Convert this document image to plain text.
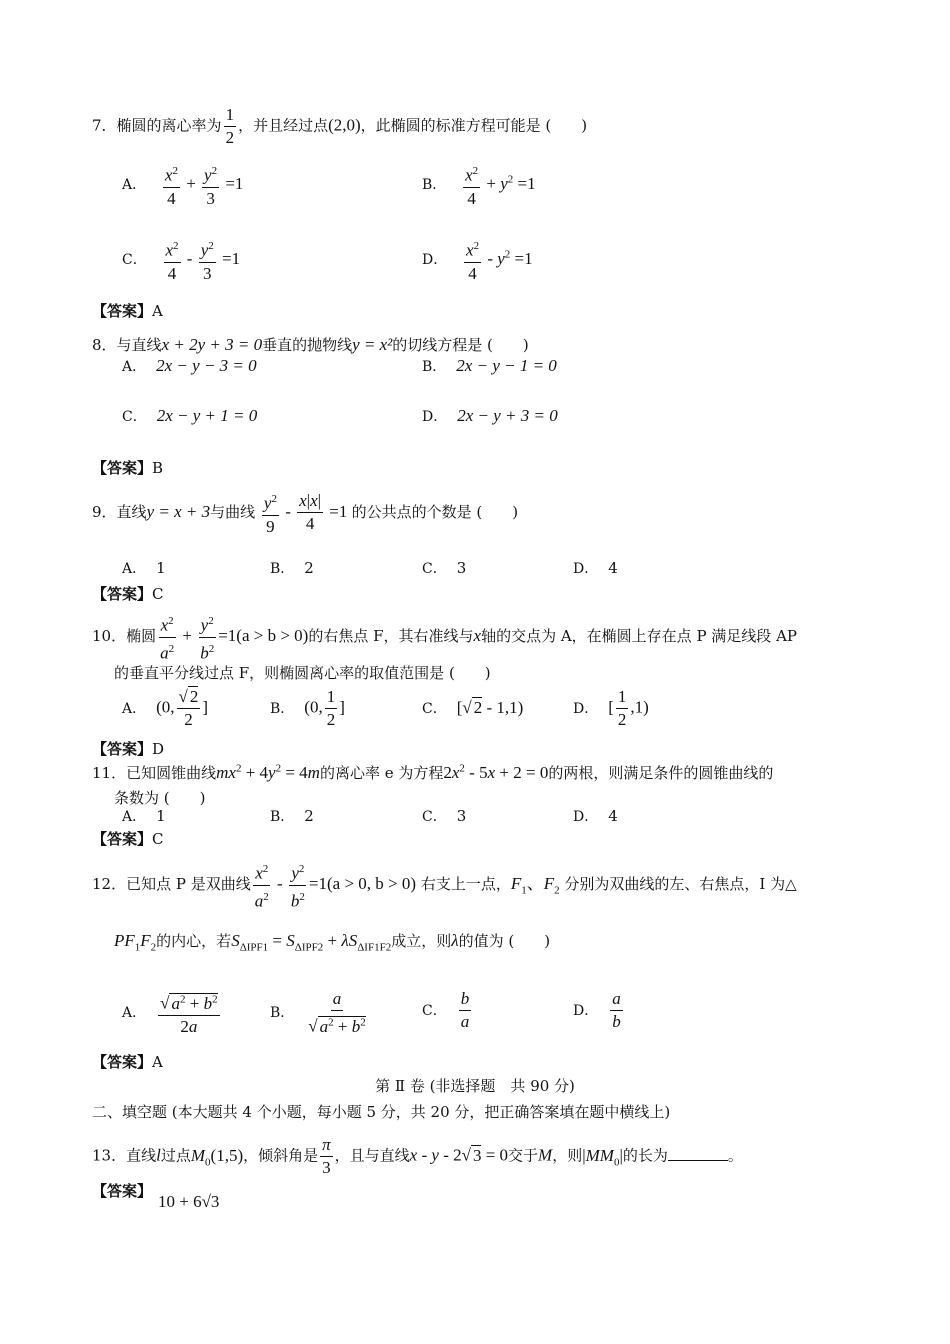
7．椭圆的离心率为 $\frac{1}{2}$ ，并且经过点(2,0)，此椭圆的标准方程可能是 (　　)
A． $\frac{x^2}{4} + \frac{y^2}{3} =1$	B． $\frac{x^2}{4} + y^2 =1$
C． $\frac{x^2}{4} - \frac{y^2}{3} =1$	D． $\frac{x^2}{4} - y^2 =1$
【答案】A
8．与直线x + 2y + 3 = 0垂直的抛物线y = x²的切线方程是 (　　)
A． 2x − y − 3 = 0	B． 2x − y − 1 = 0
C． 2x − y + 1 = 0	D． 2x − y + 3 = 0
【答案】B
9．直线y = x + 3与曲线 $\frac{y^2}{9} - \frac{x|x|}{4} =1$ 的公共点的个数是 (　　)
A． 1	B． 2	C． 3	D． 4
【答案】C
10．椭圆 $\frac{x^2}{a^2} + \frac{y^2}{b^2} =1(a > b > 0)$的右焦点 F，其右准线与x轴的交点为 A，在椭圆上存在点 P 满足线段 AP
的垂直平分线过点 F，则椭圆离心率的取值范围是 (　　)
A． (0, $\frac{√ 2}{2}$ ]	B． (0, $\frac{1}{2}$ ]	C． [√ 2 - 1,1)	D． [ $\frac{1}{2} ,1$)
【答案】D
11．已知圆锥曲线$mx^2 + 4y^2 = 4m$的离心率 e 为方程$2x^2 - 5x + 2 = 0$的两根，则满足条件的圆锥曲线的
条数为 (　　)
A． 1	B． 2	C． 3	D． 4
【答案】C
12．已知点 P 是双曲线 $\frac{x^2}{a^2} - \frac{y^2}{b^2} =1(a > 0$, b > 0) 右支上一点，$F_1$、$F_2$ 分别为双曲线的左、右焦点，I 为△
$PF_1F_2$的内心，若$S_{\Delta IPF1} = S_{\Delta IPF2} + \lambda S_{\Delta IF1F2}$成立，则λ的值为 (　　)
A． $\frac{√ a^2 + b^2}{2a}$	B． $\frac{a}{√ a^2 + b^2}$	C． $\frac{b}{a}$	D． $\frac{a}{b}$
【答案】A
第 Ⅱ 卷 (非选择题　共 90 分)
二、填空题 (本大题共 4 个小题，每小题 5 分，共 20 分，把正确答案填在题中横线上)
13．直线l过点$M_0(1,5)$，倾斜角是 $\frac{\pi}{3}$ ，且与直线x - y - 2√ 3 = 0交于M，则$|MM_0|$的长为	。
【答案】
10 + 6√3
